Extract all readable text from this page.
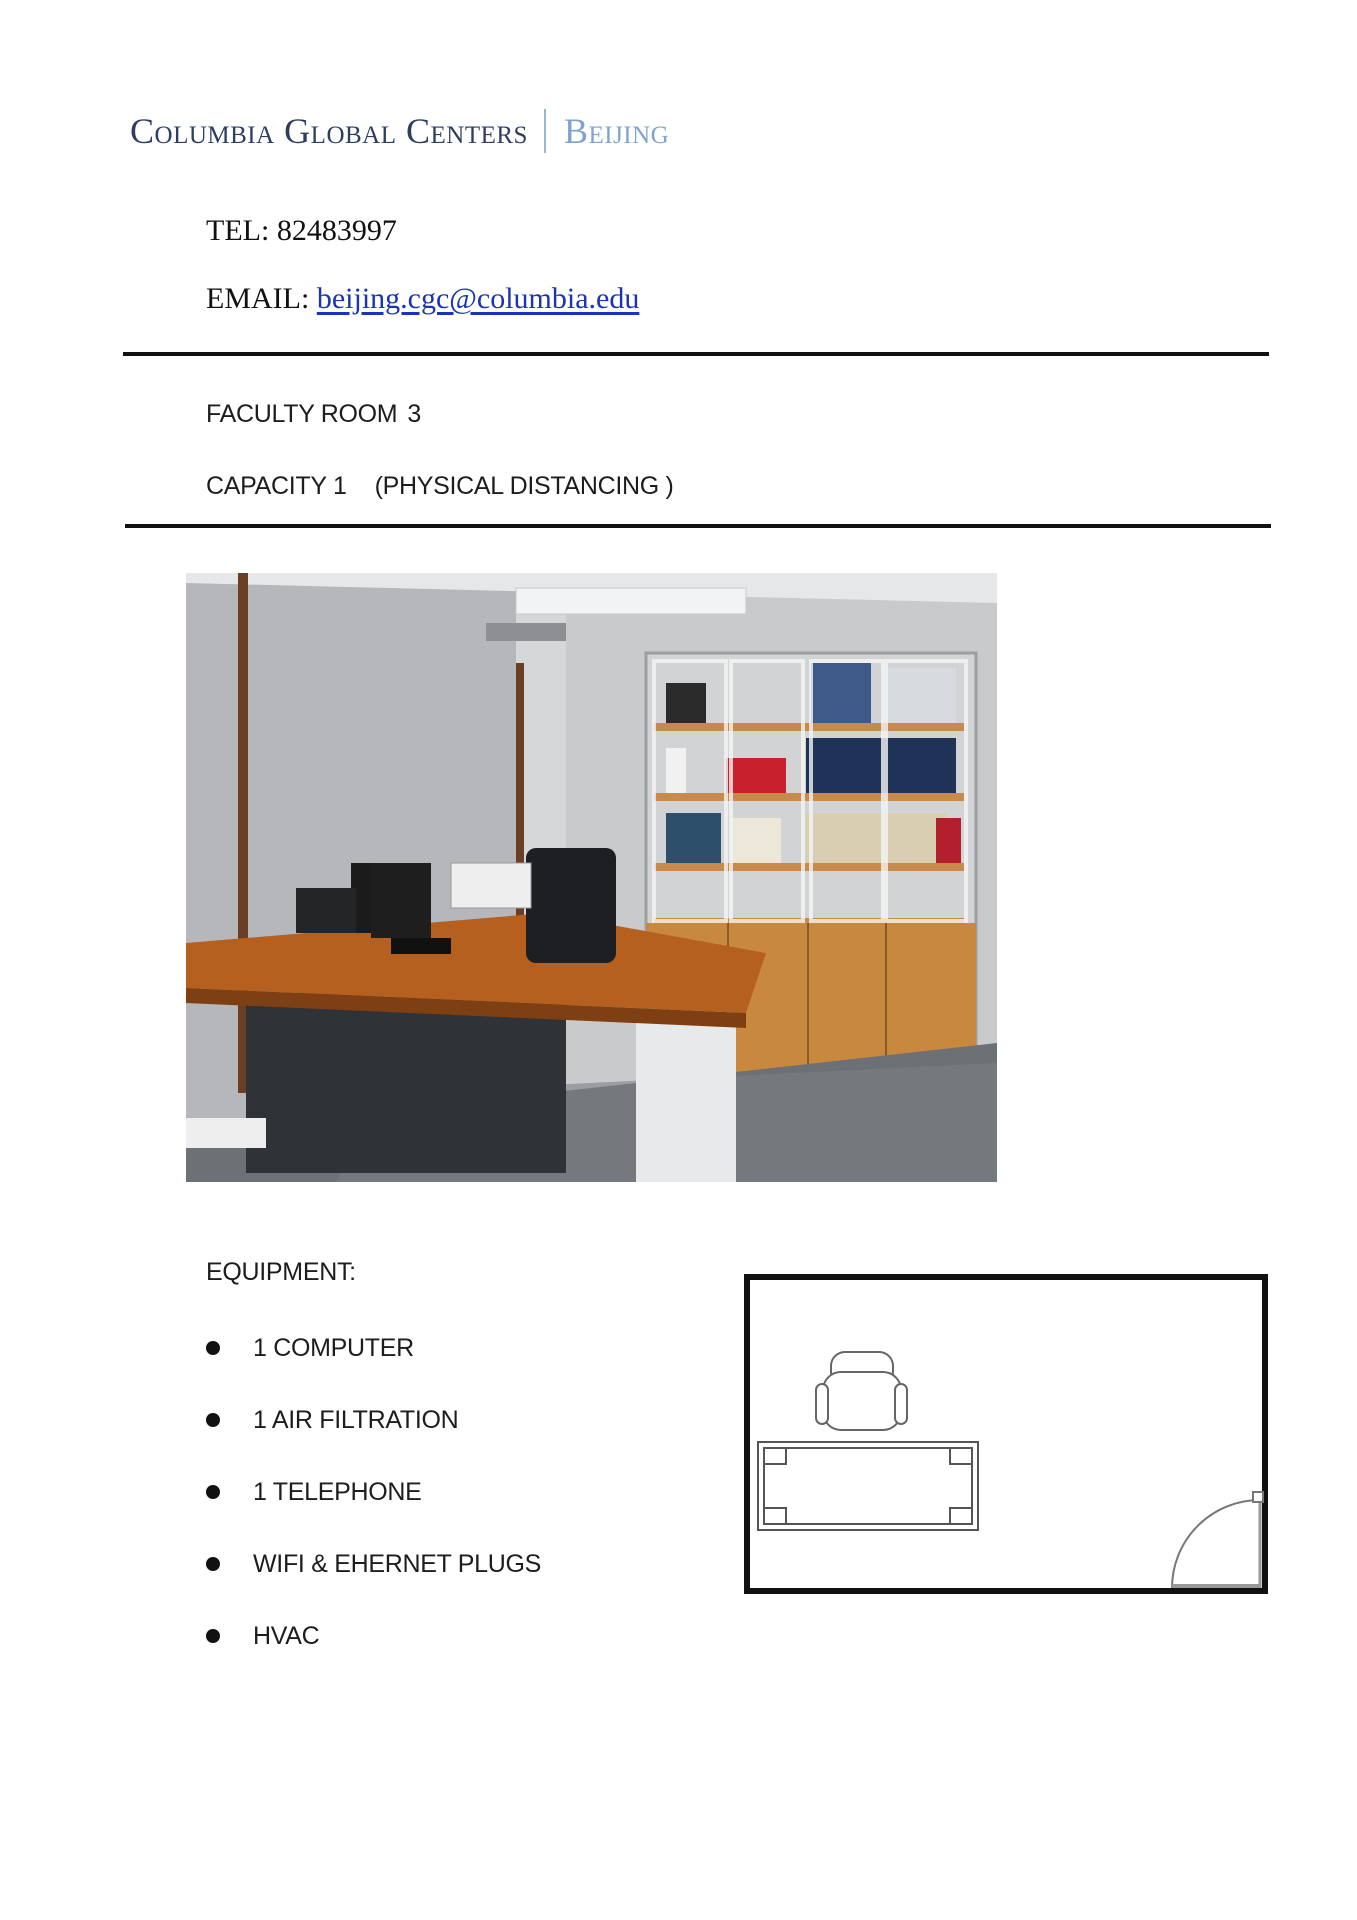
Columbia Global Centers Beijing
TEL: 82483997
EMAIL: beijing.cgc@columbia.edu
FACULTY ROOM 3
CAPACITY 1 (PHYSICAL DISTANCING )
EQUIPMENT:
1 COMPUTER
1 AIR FILTRATION
1 TELEPHONE
WIFI & EHERNET PLUGS
HVAC
